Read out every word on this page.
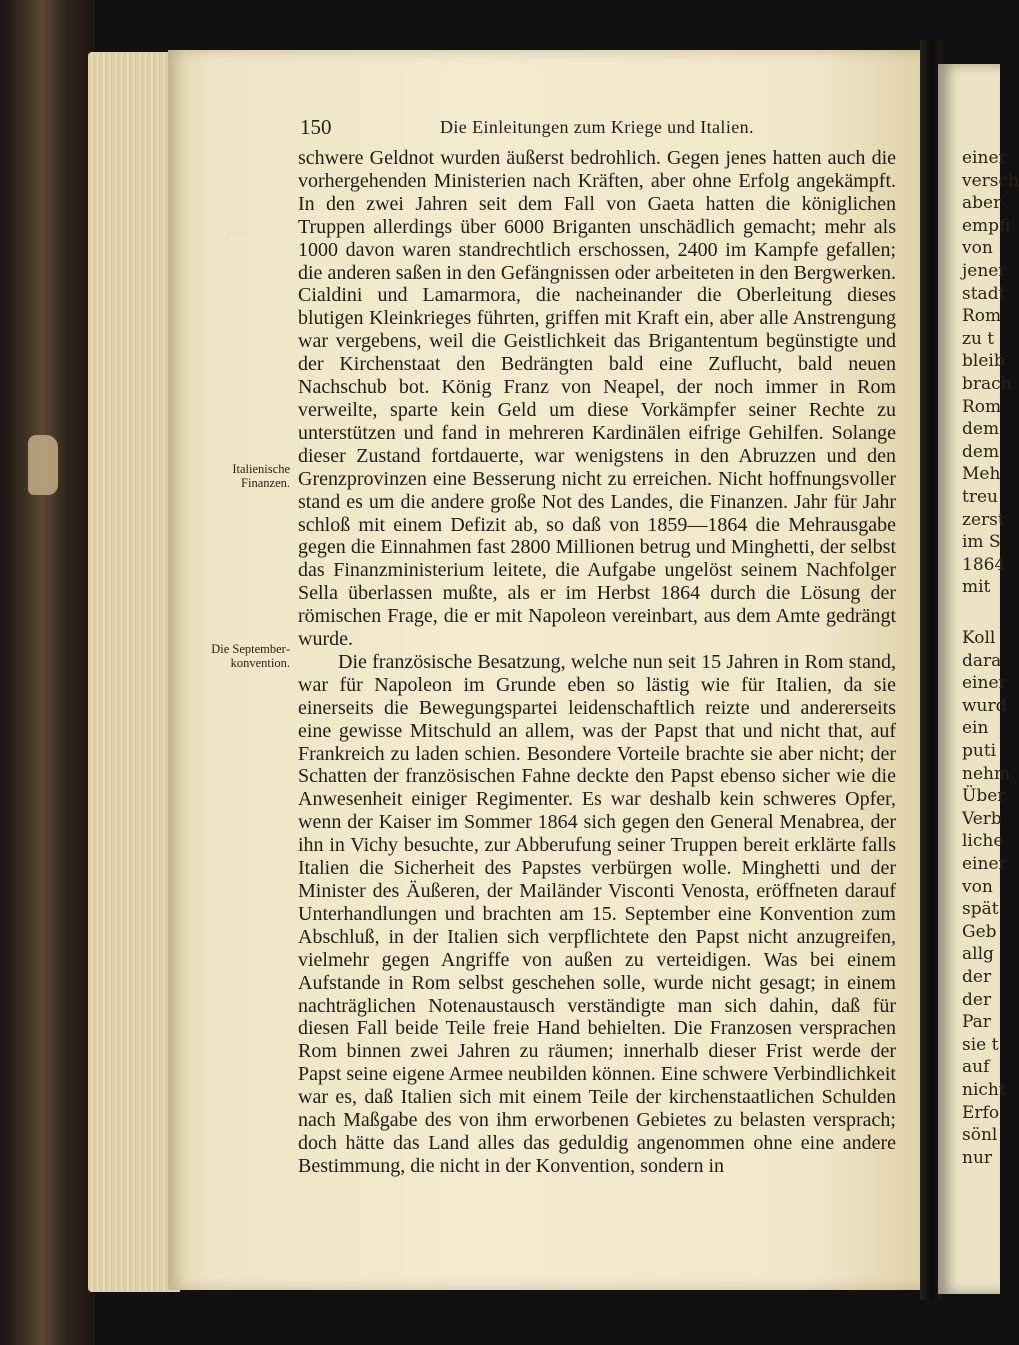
· · ·
einer
versch
aber
empfi
von
jener
stadt
Rom
zu t
bleib
brach
Rom
dem
dem
Meh
treu
zerst
im S
1864
mit
Koll
dara
einer
wurd
ein
puti
nehm
Über
Verb
liche
einer
von
spät
Geb
allg
der
der
Par
sie t
auf
nicht
Erfo
sönl
nur
150	Die Einleitungen zum Kriege und Italien.
Italienische Finanzen.
Die Septemberkonvention.

schwere Geldnot wurden äußerst bedrohlich. Gegen jenes hatten auch die vorhergehenden Ministerien nach Kräften, aber ohne Erfolg angekämpft. In den zwei Jahren seit dem Fall von Gaeta hatten die königlichen Truppen allerdings über 6000 Briganten unschädlich gemacht; mehr als 1000 davon waren standrechtlich erschossen, 2400 im Kampfe gefallen; die anderen saßen in den Gefängnissen oder arbeiteten in den Bergwerken. Cialdini und Lamarmora, die nacheinander die Oberleitung dieses blutigen Kleinkrieges führten, griffen mit Kraft ein, aber alle Anstrengung war vergebens, weil die Geistlichkeit das Brigantentum begünstigte und der Kirchenstaat den Bedrängten bald eine Zuflucht, bald neuen Nachschub bot. König Franz von Neapel, der noch immer in Rom verweilte, sparte kein Geld um diese Vorkämpfer seiner Rechte zu unterstützen und fand in mehreren Kardinälen eifrige Gehilfen. Solange dieser Zustand fortdauerte, war wenigstens in den Abruzzen und den Grenzprovinzen eine Besserung nicht zu erreichen. Nicht hoffnungsvoller stand es um die andere große Not des Landes, die Finanzen. Jahr für Jahr schloß mit einem Defizit ab, so daß von 1859—1864 die Mehrausgabe gegen die Einnahmen fast 2800 Millionen betrug und Minghetti, der selbst das Finanzministerium leitete, die Aufgabe ungelöst seinem Nachfolger Sella überlassen mußte, als er im Herbst 1864 durch die Lösung der römischen Frage, die er mit Napoleon vereinbart, aus dem Amte gedrängt wurde.

Die französische Besatzung, welche nun seit 15 Jahren in Rom stand, war für Napoleon im Grunde eben so lästig wie für Italien, da sie einerseits die Bewegungspartei leidenschaftlich reizte und andererseits eine gewisse Mitschuld an allem, was der Papst that und nicht that, auf Frankreich zu laden schien. Besondere Vorteile brachte sie aber nicht; der Schatten der französischen Fahne deckte den Papst ebenso sicher wie die Anwesenheit einiger Regimenter. Es war deshalb kein schweres Opfer, wenn der Kaiser im Sommer 1864 sich gegen den General Menabrea, der ihn in Vichy besuchte, zur Abberufung seiner Truppen bereit erklärte falls Italien die Sicherheit des Papstes verbürgen wolle. Minghetti und der Minister des Äußeren, der Mailänder Visconti Venosta, eröffneten darauf Unterhandlungen und brachten am 15. September eine Konvention zum Abschluß, in der Italien sich verpflichtete den Papst nicht anzugreifen, vielmehr gegen Angriffe von außen zu verteidigen. Was bei einem Aufstande in Rom selbst geschehen solle, wurde nicht gesagt; in einem nachträglichen Notenaustausch verständigte man sich dahin, daß für diesen Fall beide Teile freie Hand behielten. Die Franzosen versprachen Rom binnen zwei Jahren zu räumen; innerhalb dieser Frist werde der Papst seine eigene Armee neubilden können. Eine schwere Verbindlichkeit war es, daß Italien sich mit einem Teile der kirchenstaatlichen Schulden nach Maßgabe des von ihm erworbenen Gebietes zu belasten versprach; doch hätte das Land alles das geduldig angenommen ohne eine andere Bestimmung, die nicht in der Konvention, sondern in
